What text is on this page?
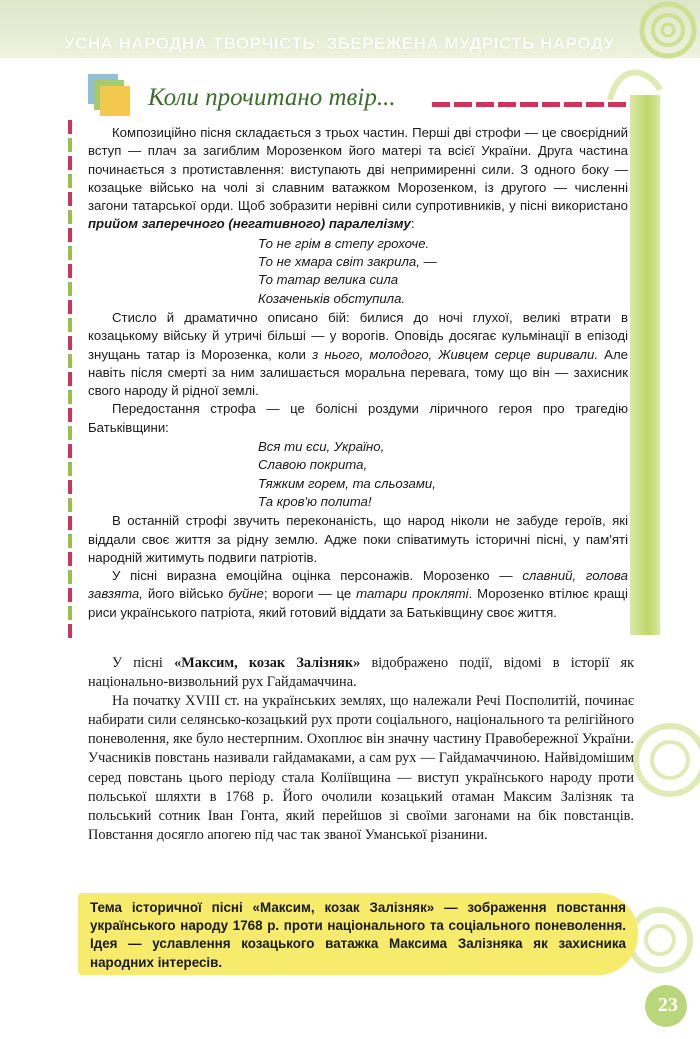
УСНА НАРОДНА ТВОРЧІСТЬ: ЗБЕРЕЖЕНА МУДРІСТЬ НАРОДУ
Коли прочитано твір...

Композиційно пісня складається з трьох частин. Перші дві строфи — це своєрідний вступ — плач за загиблим Морозенком його матері та всієї України. Друга частина починається з протиставлення: виступають дві непримиренні сили. З одного боку — козацьке військо на чолі зі славним ватажком Морозенком, із другого — численні загони татарської орди. Щоб зобразити нерівні сили супротивників, у пісні використано прийом заперечного (негативного) паралелізму:

То не грім в степу грохоче.
То не хмара світ закрила, —
То татар велика сила
Козаченьків обступила.

Стисло й драматично описано бій: билися до ночі глухої, великі втрати в козацькому війську й утричі більші — у ворогів. Оповідь досягає кульмінації в епізоді знущань татар із Морозенка, коли з нього, молодого, Живцем серце виривали. Але навіть після смерті за ним залишається моральна перевага, тому що він — захисник свого народу й рідної землі.

Передостання строфа — це болісні роздуми ліричного героя про трагедію Батьківщини:

Вся ти єси, Україно,
Славою покрита,
Тяжким горем, та сльозами,
Та кров'ю полита!

В останній строфі звучить переконаність, що народ ніколи не забуде героїв, які віддали своє життя за рідну землю. Адже поки співатимуть історичні пісні, у пам'яті народній житимуть подвиги патріотів.

У пісні виразна емоційна оцінка персонажів. Морозенко — славний, голова завзята, його військо буйне; вороги — це татари прокляті. Морозенко втілює кращі риси українського патріота, який готовий віддати за Батьківщину своє життя.

У пісні «Максим, козак Залізняк» відображено події, відомі в історії як національно-визвольний рух Гайдамаччина.

На початку XVIII ст. на українських землях, що належали Речі Посполитій, починає набирати сили селянсько-козацький рух проти соціального, національного та релігійного поневолення, яке було нестерпним. Охоплює він значну частину Правобережної України. Учасників повстань називали гайдамаками, а сам рух — Гайдамаччиною. Найвідомішим серед повстань цього періоду стала Коліївщина — виступ українського народу проти польської шляхти в 1768 р. Його очолили козацький отаман Максим Залізняк та польський сотник Іван Гонта, який перейшов зі своїми загонами на бік повстанців. Повстання досягло апогею під час так званої Уманської різанини.

Тема історичної пісні «Максим, козак Залізняк» — зображення повстання українського народу 1768 р. проти національного та соціального поневолення. Ідея — уславлення козацького ватажка Максима Залізняка як захисника народних інтересів.
23
